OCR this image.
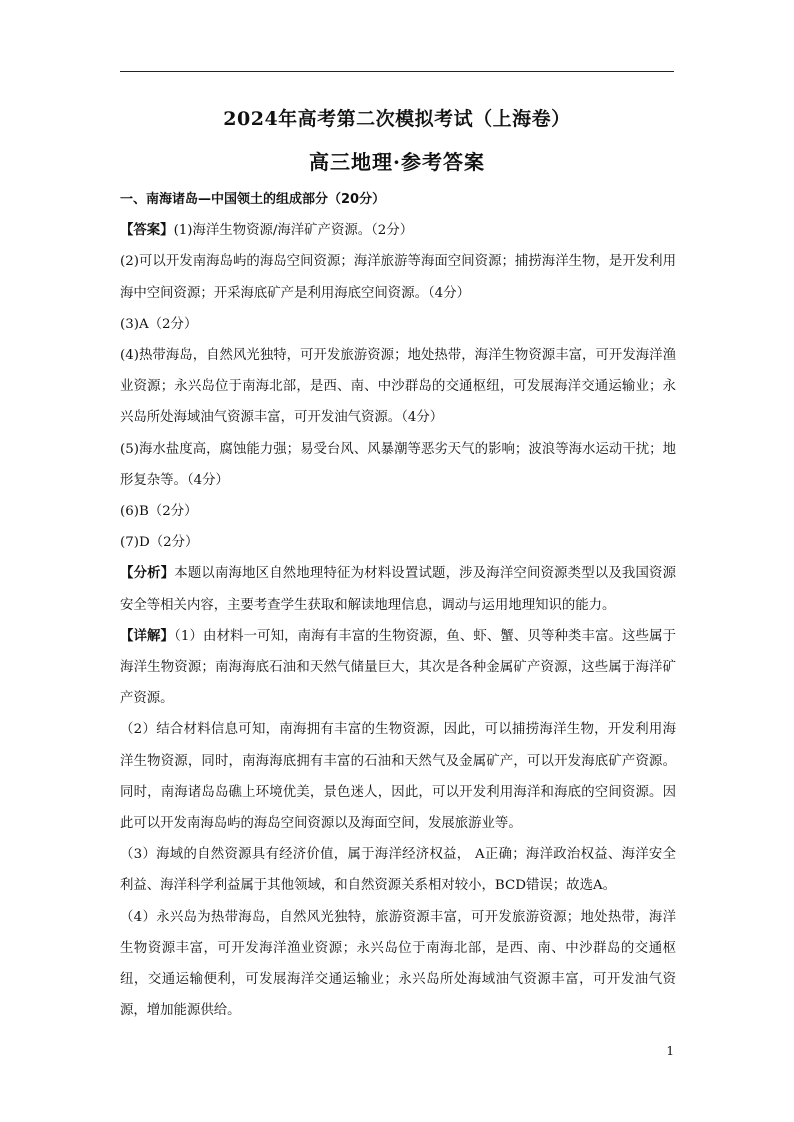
2024年高考第二次模拟考试（上海卷）
高三地理·参考答案

一、南海诸岛—中国领土的组成部分（20分）

【答案】(1)海洋生物资源/海洋矿产资源。（2分）

(2)可以开发南海岛屿的海岛空间资源；海洋旅游等海面空间资源；捕捞海洋生物，是开发利用海中空间资源；开采海底矿产是利用海底空间资源。（4分）

(3)A（2分）

(4)热带海岛，自然风光独特，可开发旅游资源；地处热带，海洋生物资源丰富，可开发海洋渔业资源；永兴岛位于南海北部，是西、南、中沙群岛的交通枢纽，可发展海洋交通运输业；永兴岛所处海域油气资源丰富，可开发油气资源。（4分）

(5)海水盐度高，腐蚀能力强；易受台风、风暴潮等恶劣天气的影响；波浪等海水运动干扰；地形复杂等。（4分）

(6)B（2分）

(7)D（2分）

【分析】本题以南海地区自然地理特征为材料设置试题，涉及海洋空间资源类型以及我国资源安全等相关内容，主要考查学生获取和解读地理信息，调动与运用地理知识的能力。

【详解】（1）由材料一可知，南海有丰富的生物资源，鱼、虾、蟹、贝等种类丰富。这些属于海洋生物资源；南海海底石油和天然气储量巨大，其次是各种金属矿产资源，这些属于海洋矿产资源。

（2）结合材料信息可知，南海拥有丰富的生物资源，因此，可以捕捞海洋生物，开发利用海洋生物资源，同时，南海海底拥有丰富的石油和天然气及金属矿产，可以开发海底矿产资源。同时，南海诸岛岛礁上环境优美，景色迷人，因此，可以开发利用海洋和海底的空间资源。因此可以开发南海岛屿的海岛空间资源以及海面空间，发展旅游业等。

（3）海域的自然资源具有经济价值，属于海洋经济权益， A正确；海洋政治权益、海洋安全利益、海洋科学利益属于其他领域，和自然资源关系相对较小，BCD错误；故选A。

（4）永兴岛为热带海岛，自然风光独特，旅游资源丰富，可开发旅游资源；地处热带，海洋生物资源丰富，可开发海洋渔业资源；永兴岛位于南海北部，是西、南、中沙群岛的交通枢纽，交通运输便利，可发展海洋交通运输业；永兴岛所处海域油气资源丰富，可开发油气资源，增加能源供给。

1
